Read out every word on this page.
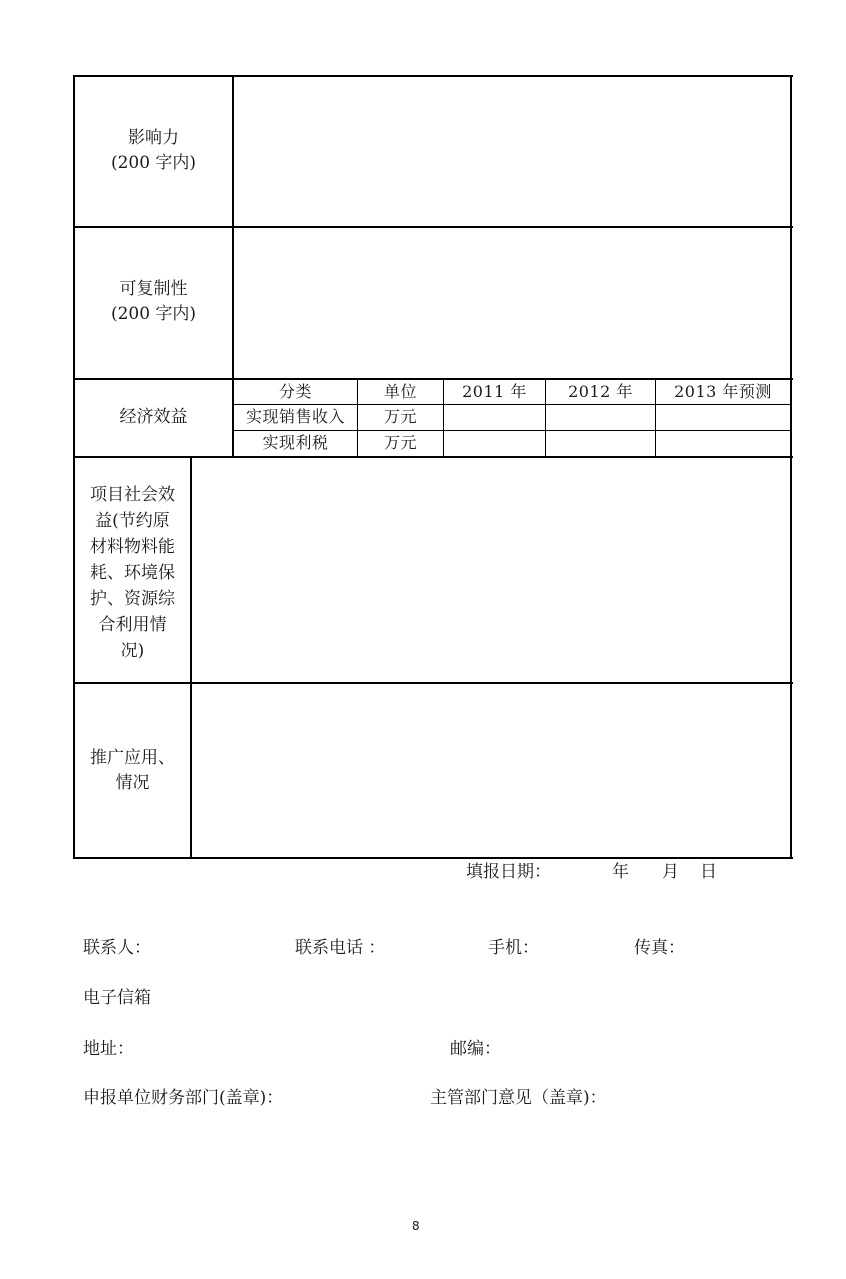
影响力
(200 字内)
可复制性
(200 字内)
经济效益
分类	单位	2011 年	2012 年	2013 年预测
实现销售收入	万元
实现利税	万元
项目社会效
益(节约原
材料物料能
耗、环境保
护、资源综
合利用情
况)
推广应用、
情况
填报日期：	年 月 日
联系人：	联系电话 ：	手机：	传真：
电子信箱
地址：	邮编：
申报单位财务部门(盖章)：	主管部门意见（盖章)：
8
